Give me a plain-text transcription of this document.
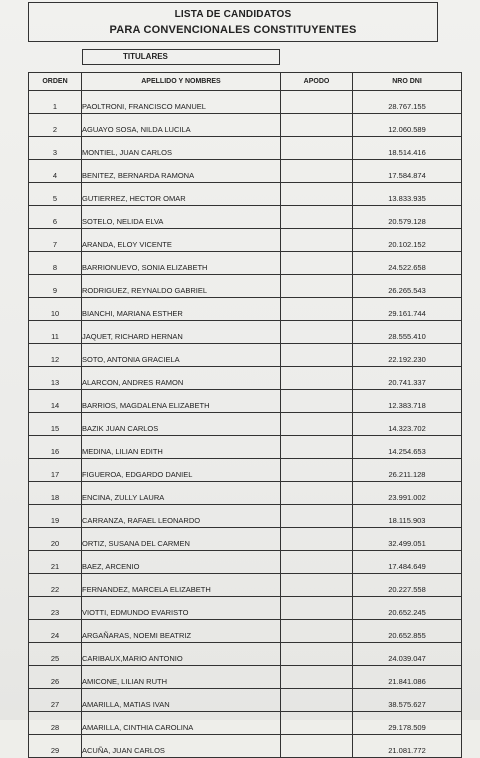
LISTA DE CANDIDATOS
PARA CONVENCIONALES CONSTITUYENTES
TITULARES
ORDEN	APELLIDO Y NOMBRES	APODO	NRO DNI
1	PAOLTRONI, FRANCISCO MANUEL		28.767.155
2	AGUAYO SOSA, NILDA LUCILA		12.060.589
3	MONTIEL, JUAN CARLOS		18.514.416
4	BENITEZ, BERNARDA RAMONA		17.584.874
5	GUTIERREZ, HECTOR OMAR		13.833.935
6	SOTELO, NELIDA ELVA		20.579.128
7	ARANDA, ELOY VICENTE		20.102.152
8	BARRIONUEVO, SONIA ELIZABETH		24.522.658
9	RODRIGUEZ, REYNALDO GABRIEL		26.265.543
10	BIANCHI, MARIANA ESTHER		29.161.744
11	JAQUET, RICHARD HERNAN		28.555.410
12	SOTO, ANTONIA GRACIELA		22.192.230
13	ALARCON, ANDRES RAMON		20.741.337
14	BARRIOS, MAGDALENA ELIZABETH		12.383.718
15	BAZIK JUAN CARLOS		14.323.702
16	MEDINA, LILIAN EDITH		14.254.653
17	FIGUEROA, EDGARDO DANIEL		26.211.128
18	ENCINA, ZULLY LAURA		23.991.002
19	CARRANZA, RAFAEL LEONARDO		18.115.903
20	ORTIZ, SUSANA DEL CARMEN		32.499.051
21	BAEZ, ARCENIO		17.484.649
22	FERNANDEZ, MARCELA ELIZABETH		20.227.558
23	VIOTTI, EDMUNDO EVARISTO		20.652.245
24	ARGAÑARAS, NOEMI BEATRIZ		20.652.855
25	CARIBAUX,MARIO ANTONIO		24.039.047
26	AMICONE, LILIAN RUTH		21.841.086
27	AMARILLA, MATIAS IVAN		38.575.627
28	AMARILLA, CINTHIA CAROLINA		29.178.509
29	ACUÑA, JUAN CARLOS		21.081.772
